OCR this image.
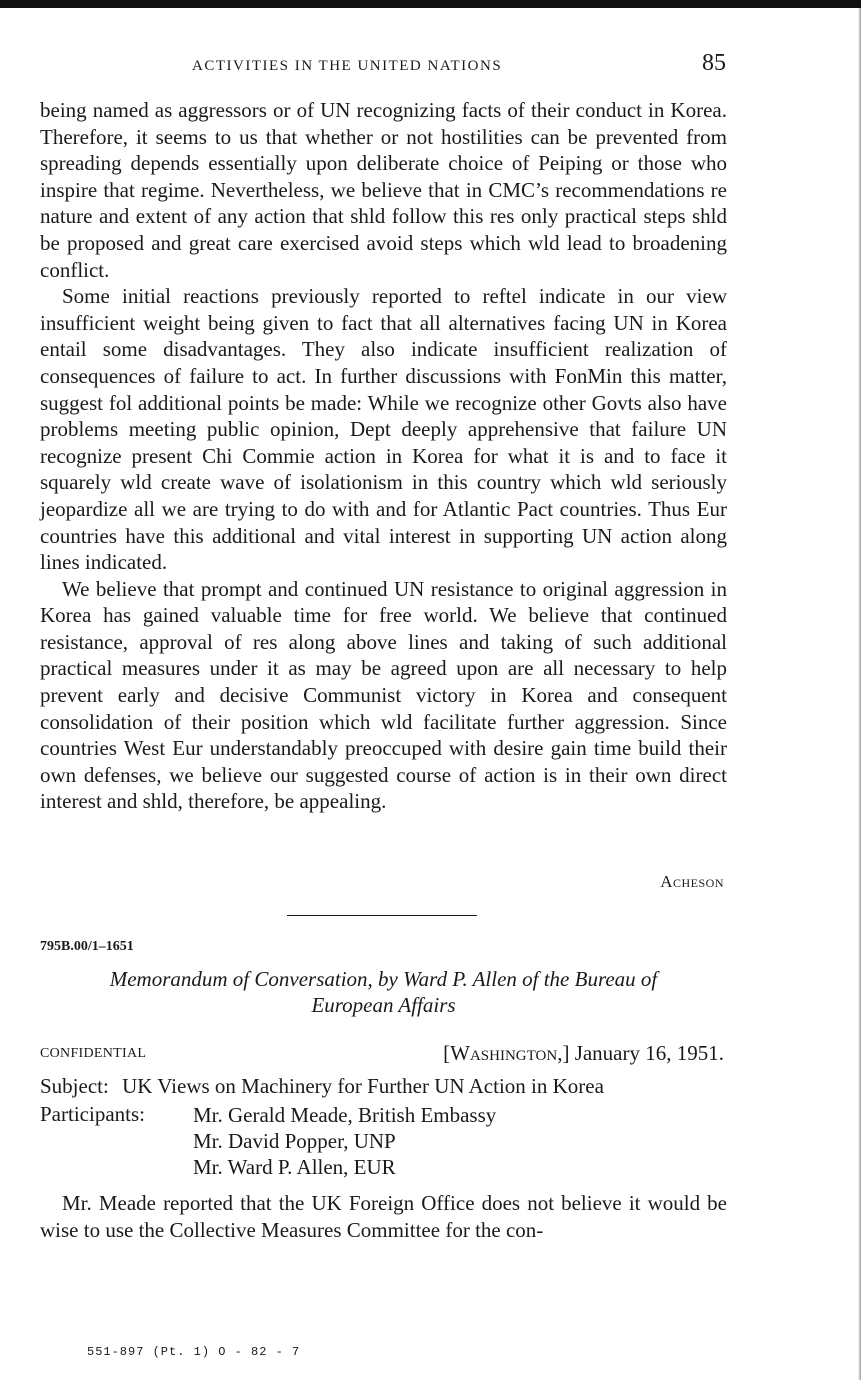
ACTIVITIES IN THE UNITED NATIONS	85

being named as aggressors or of UN recognizing facts of their conduct in Korea. Therefore, it seems to us that whether or not hostilities can be prevented from spreading depends essentially upon deliberate choice of Peiping or those who inspire that regime. Nevertheless, we believe that in CMC’s recommendations re nature and extent of any action that shld follow this res only practical steps shld be proposed and great care exercised avoid steps which wld lead to broadening conflict.

Some initial reactions previously reported to reftel indicate in our view insufficient weight being given to fact that all alternatives facing UN in Korea entail some disadvantages. They also indicate insufficient realization of consequences of failure to act. In further discussions with FonMin this matter, suggest fol additional points be made: While we recognize other Govts also have problems meeting public opinion, Dept deeply apprehensive that failure UN recognize present Chi Commie action in Korea for what it is and to face it squarely wld create wave of isolationism in this country which wld seriously jeopardize all we are trying to do with and for Atlantic Pact countries. Thus Eur countries have this additional and vital interest in supporting UN action along lines indicated.

We believe that prompt and continued UN resistance to original aggression in Korea has gained valuable time for free world. We believe that continued resistance, approval of res along above lines and taking of such additional practical measures under it as may be agreed upon are all necessary to help prevent early and decisive Communist victory in Korea and consequent consolidation of their position which wld facilitate further aggression. Since countries West Eur understandably preoccuped with desire gain time build their own defenses, we believe our suggested course of action is in their own direct interest and shld, therefore, be appealing.

Acheson
795B.00/1–1651
Memorandum of Conversation, by Ward P. Allen of the Bureau of
European Affairs
CONFIDENTIAL	[Washington,] January 16, 1951.
Subject: UK Views on Machinery for Further UN Action in Korea
Participants: Mr. Gerald Meade, British Embassy
Mr. David Popper, UNP
Mr. Ward P. Allen, EUR

Mr. Meade reported that the UK Foreign Office does not believe it would be wise to use the Collective Measures Committee for the con-

551-897 (Pt. 1) O - 82 - 7
